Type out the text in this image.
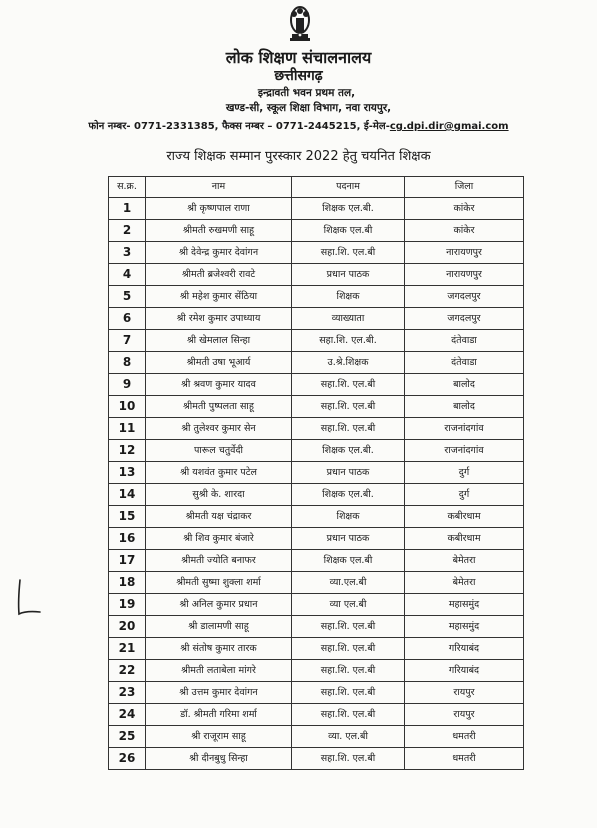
लोक शिक्षण संचालनालय
छत्तीसगढ़
इन्द्रावती भवन प्रथम तल,
खण्ड-सी, स्कूल शिक्षा विभाग, नवा रायपुर,
फोन नम्बर- 0771-2331385, फैक्स नम्बर – 0771-2445215, ई-मेल-cg.dpi.dir@gmai.com
राज्य शिक्षक सम्मान पुरस्कार 2022 हेतु चयनित शिक्षक
स.क्र.	नाम	पदनाम	जिला
1	श्री कृष्णपाल राणा	शिक्षक एल.बी.	कांकेर
2	श्रीमती रुखमणी साहू	शिक्षक एल.बी	कांकेर
3	श्री देवेन्द्र कुमार देवांगन	सहा.शि. एल.बी	नारायणपुर
4	श्रीमती ब्रजेश्वरी रावटे	प्रधान पाठक	नारायणपुर
5	श्री महेश कुमार सेंठिया	शिक्षक	जगदलपुर
6	श्री रमेश कुमार उपाध्याय	व्याख्याता	जगदलपुर
7	श्री खेमलाल सिन्हा	सहा.शि. एल.बी.	दंतेवाडा
8	श्रीमती उषा भूआर्य	उ.श्रे.शिक्षक	दंतेवाडा
9	श्री श्रवण कुमार यादव	सहा.शि. एल.बी	बालोद
10	श्रीमती पुष्पलता साहू	सहा.शि. एल.बी	बालोद
11	श्री तुलेश्वर कुमार सेन	सहा.शि. एल.बी	राजनांदगांव
12	पारूल चतुर्वेदी	शिक्षक एल.बी.	राजनांदगांव
13	श्री यशवंत कुमार पटेल	प्रधान पाठक	दुर्ग
14	सुश्री के. शारदा	शिक्षक एल.बी.	दुर्ग
15	श्रीमती यक्ष चंद्राकर	शिक्षक	कबीरधाम
16	श्री शिव कुमार बंजारे	प्रधान पाठक	कबीरधाम
17	श्रीमती ज्योति बनाफर	शिक्षक एल.बी	बेमेतरा
18	श्रीमती सुष्मा शुक्ला शर्मा	व्या.एल.बी	बेमेतरा
19	श्री अनिल कुमार प्रधान	व्या एल.बी	महासमुंद
20	श्री डालामणी साहू	सहा.शि. एल.बी	महासमुंद
21	श्री संतोष कुमार तारक	सहा.शि. एल.बी	गरियाबंद
22	श्रीमती लताबेला मांगरे	सहा.शि. एल.बी	गरियाबंद
23	श्री उत्तम कुमार देवांगन	सहा.शि. एल.बी	रायपुर
24	डॉ. श्रीमती गरिमा शर्मा	सहा.शि. एल.बी	रायपुर
25	श्री राजूराम साहू	व्या. एल.बी	धमतरी
26	श्री दीनबुधु सिन्हा	सहा.शि. एल.बी	धमतरी
